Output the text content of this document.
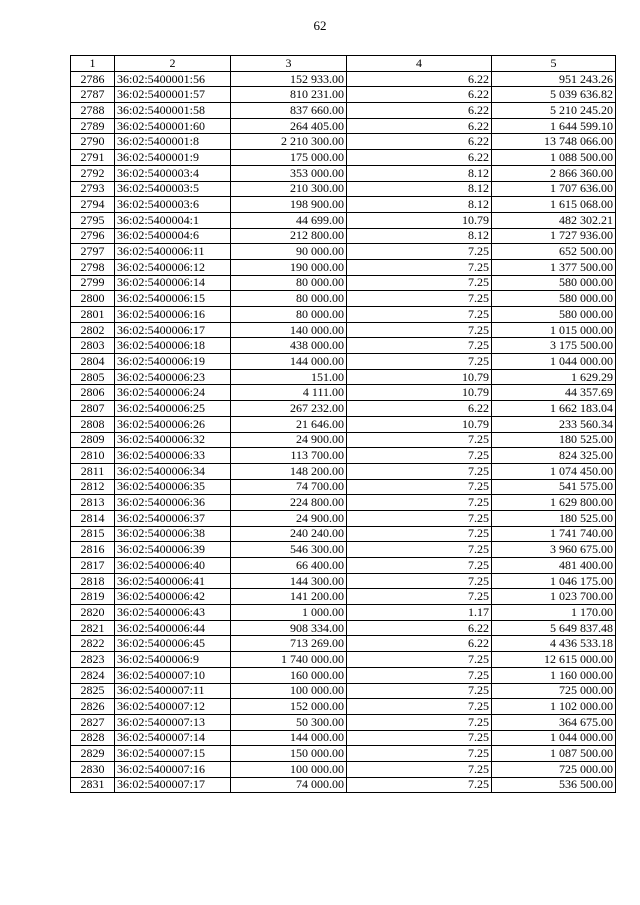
62
1	2	3	4	5
2786	36:02:5400001:56	152 933.00	6.22	951 243.26
2787	36:02:5400001:57	810 231.00	6.22	5 039 636.82
2788	36:02:5400001:58	837 660.00	6.22	5 210 245.20
2789	36:02:5400001:60	264 405.00	6.22	1 644 599.10
2790	36:02:5400001:8	2 210 300.00	6.22	13 748 066.00
2791	36:02:5400001:9	175 000.00	6.22	1 088 500.00
2792	36:02:5400003:4	353 000.00	8.12	2 866 360.00
2793	36:02:5400003:5	210 300.00	8.12	1 707 636.00
2794	36:02:5400003:6	198 900.00	8.12	1 615 068.00
2795	36:02:5400004:1	44 699.00	10.79	482 302.21
2796	36:02:5400004:6	212 800.00	8.12	1 727 936.00
2797	36:02:5400006:11	90 000.00	7.25	652 500.00
2798	36:02:5400006:12	190 000.00	7.25	1 377 500.00
2799	36:02:5400006:14	80 000.00	7.25	580 000.00
2800	36:02:5400006:15	80 000.00	7.25	580 000.00
2801	36:02:5400006:16	80 000.00	7.25	580 000.00
2802	36:02:5400006:17	140 000.00	7.25	1 015 000.00
2803	36:02:5400006:18	438 000.00	7.25	3 175 500.00
2804	36:02:5400006:19	144 000.00	7.25	1 044 000.00
2805	36:02:5400006:23	151.00	10.79	1 629.29
2806	36:02:5400006:24	4 111.00	10.79	44 357.69
2807	36:02:5400006:25	267 232.00	6.22	1 662 183.04
2808	36:02:5400006:26	21 646.00	10.79	233 560.34
2809	36:02:5400006:32	24 900.00	7.25	180 525.00
2810	36:02:5400006:33	113 700.00	7.25	824 325.00
2811	36:02:5400006:34	148 200.00	7.25	1 074 450.00
2812	36:02:5400006:35	74 700.00	7.25	541 575.00
2813	36:02:5400006:36	224 800.00	7.25	1 629 800.00
2814	36:02:5400006:37	24 900.00	7.25	180 525.00
2815	36:02:5400006:38	240 240.00	7.25	1 741 740.00
2816	36:02:5400006:39	546 300.00	7.25	3 960 675.00
2817	36:02:5400006:40	66 400.00	7.25	481 400.00
2818	36:02:5400006:41	144 300.00	7.25	1 046 175.00
2819	36:02:5400006:42	141 200.00	7.25	1 023 700.00
2820	36:02:5400006:43	1 000.00	1.17	1 170.00
2821	36:02:5400006:44	908 334.00	6.22	5 649 837.48
2822	36:02:5400006:45	713 269.00	6.22	4 436 533.18
2823	36:02:5400006:9	1 740 000.00	7.25	12 615 000.00
2824	36:02:5400007:10	160 000.00	7.25	1 160 000.00
2825	36:02:5400007:11	100 000.00	7.25	725 000.00
2826	36:02:5400007:12	152 000.00	7.25	1 102 000.00
2827	36:02:5400007:13	50 300.00	7.25	364 675.00
2828	36:02:5400007:14	144 000.00	7.25	1 044 000.00
2829	36:02:5400007:15	150 000.00	7.25	1 087 500.00
2830	36:02:5400007:16	100 000.00	7.25	725 000.00
2831	36:02:5400007:17	74 000.00	7.25	536 500.00
